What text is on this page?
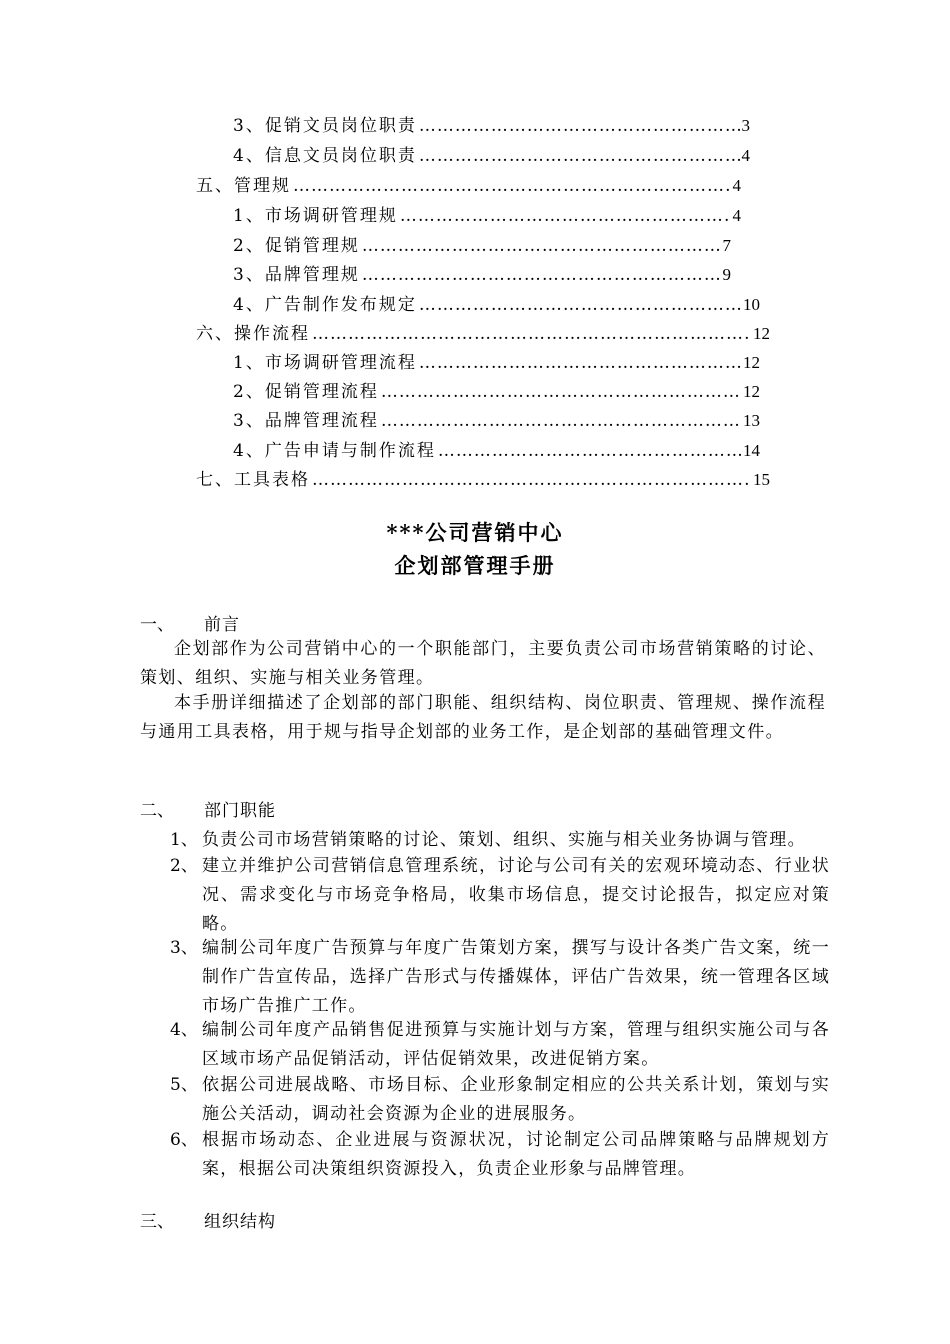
3、促销文员岗位职责 ……………………………………………………………………………………………………………………………………………………………………	3
4、信息文员岗位职责 ……………………………………………………………………………………………………………………………………………………………………	4
五、管理规 ……………………………………………………………………………………………………………………………………………………………………	4
1、市场调研管理规 ……………………………………………………………………………………………………………………………………………………………………	4
2、促销管理规 ……………………………………………………………………………………………………………………………………………………………………	7
3、品牌管理规 ……………………………………………………………………………………………………………………………………………………………………	9
4、广告制作发布规定 ……………………………………………………………………………………………………………………………………………………………………	10
六、操作流程 ……………………………………………………………………………………………………………………………………………………………………	12
1、市场调研管理流程 ……………………………………………………………………………………………………………………………………………………………………	12
2、促销管理流程 ……………………………………………………………………………………………………………………………………………………………………	12
3、品牌管理流程 ……………………………………………………………………………………………………………………………………………………………………	13
4、广告申请与制作流程 ……………………………………………………………………………………………………………………………………………………………………	14
七、工具表格 ……………………………………………………………………………………………………………………………………………………………………	15
***公司营销中心
企划部管理手册
一、 前言
企划部作为公司营销中心的一个职能部门，主要负责公司市场营销策略的讨论、策划、组织、实施与相关业务管理。
本手册详细描述了企划部的部门职能、组织结构、岗位职责、管理规、操作流程与通用工具表格，用于规与指导企划部的业务工作，是企划部的基础管理文件。
二、 部门职能
1、 负责公司市场营销策略的讨论、策划、组织、实施与相关业务协调与管理。
2、 建立并维护公司营销信息管理系统，讨论与公司有关的宏观环境动态、行业状况、需求变化与市场竞争格局，收集市场信息，提交讨论报告，拟定应对策略。
3、 编制公司年度广告预算与年度广告策划方案，撰写与设计各类广告文案，统一制作广告宣传品，选择广告形式与传播媒体，评估广告效果，统一管理各区域市场广告推广工作。
4、 编制公司年度产品销售促进预算与实施计划与方案，管理与组织实施公司与各区域市场产品促销活动，评估促销效果，改进促销方案。
5、 依据公司进展战略、市场目标、企业形象制定相应的公共关系计划，策划与实施公关活动，调动社会资源为企业的进展服务。
6、 根据市场动态、企业进展与资源状况，讨论制定公司品牌策略与品牌规划方案，根据公司决策组织资源投入，负责企业形象与品牌管理。
三、 组织结构
